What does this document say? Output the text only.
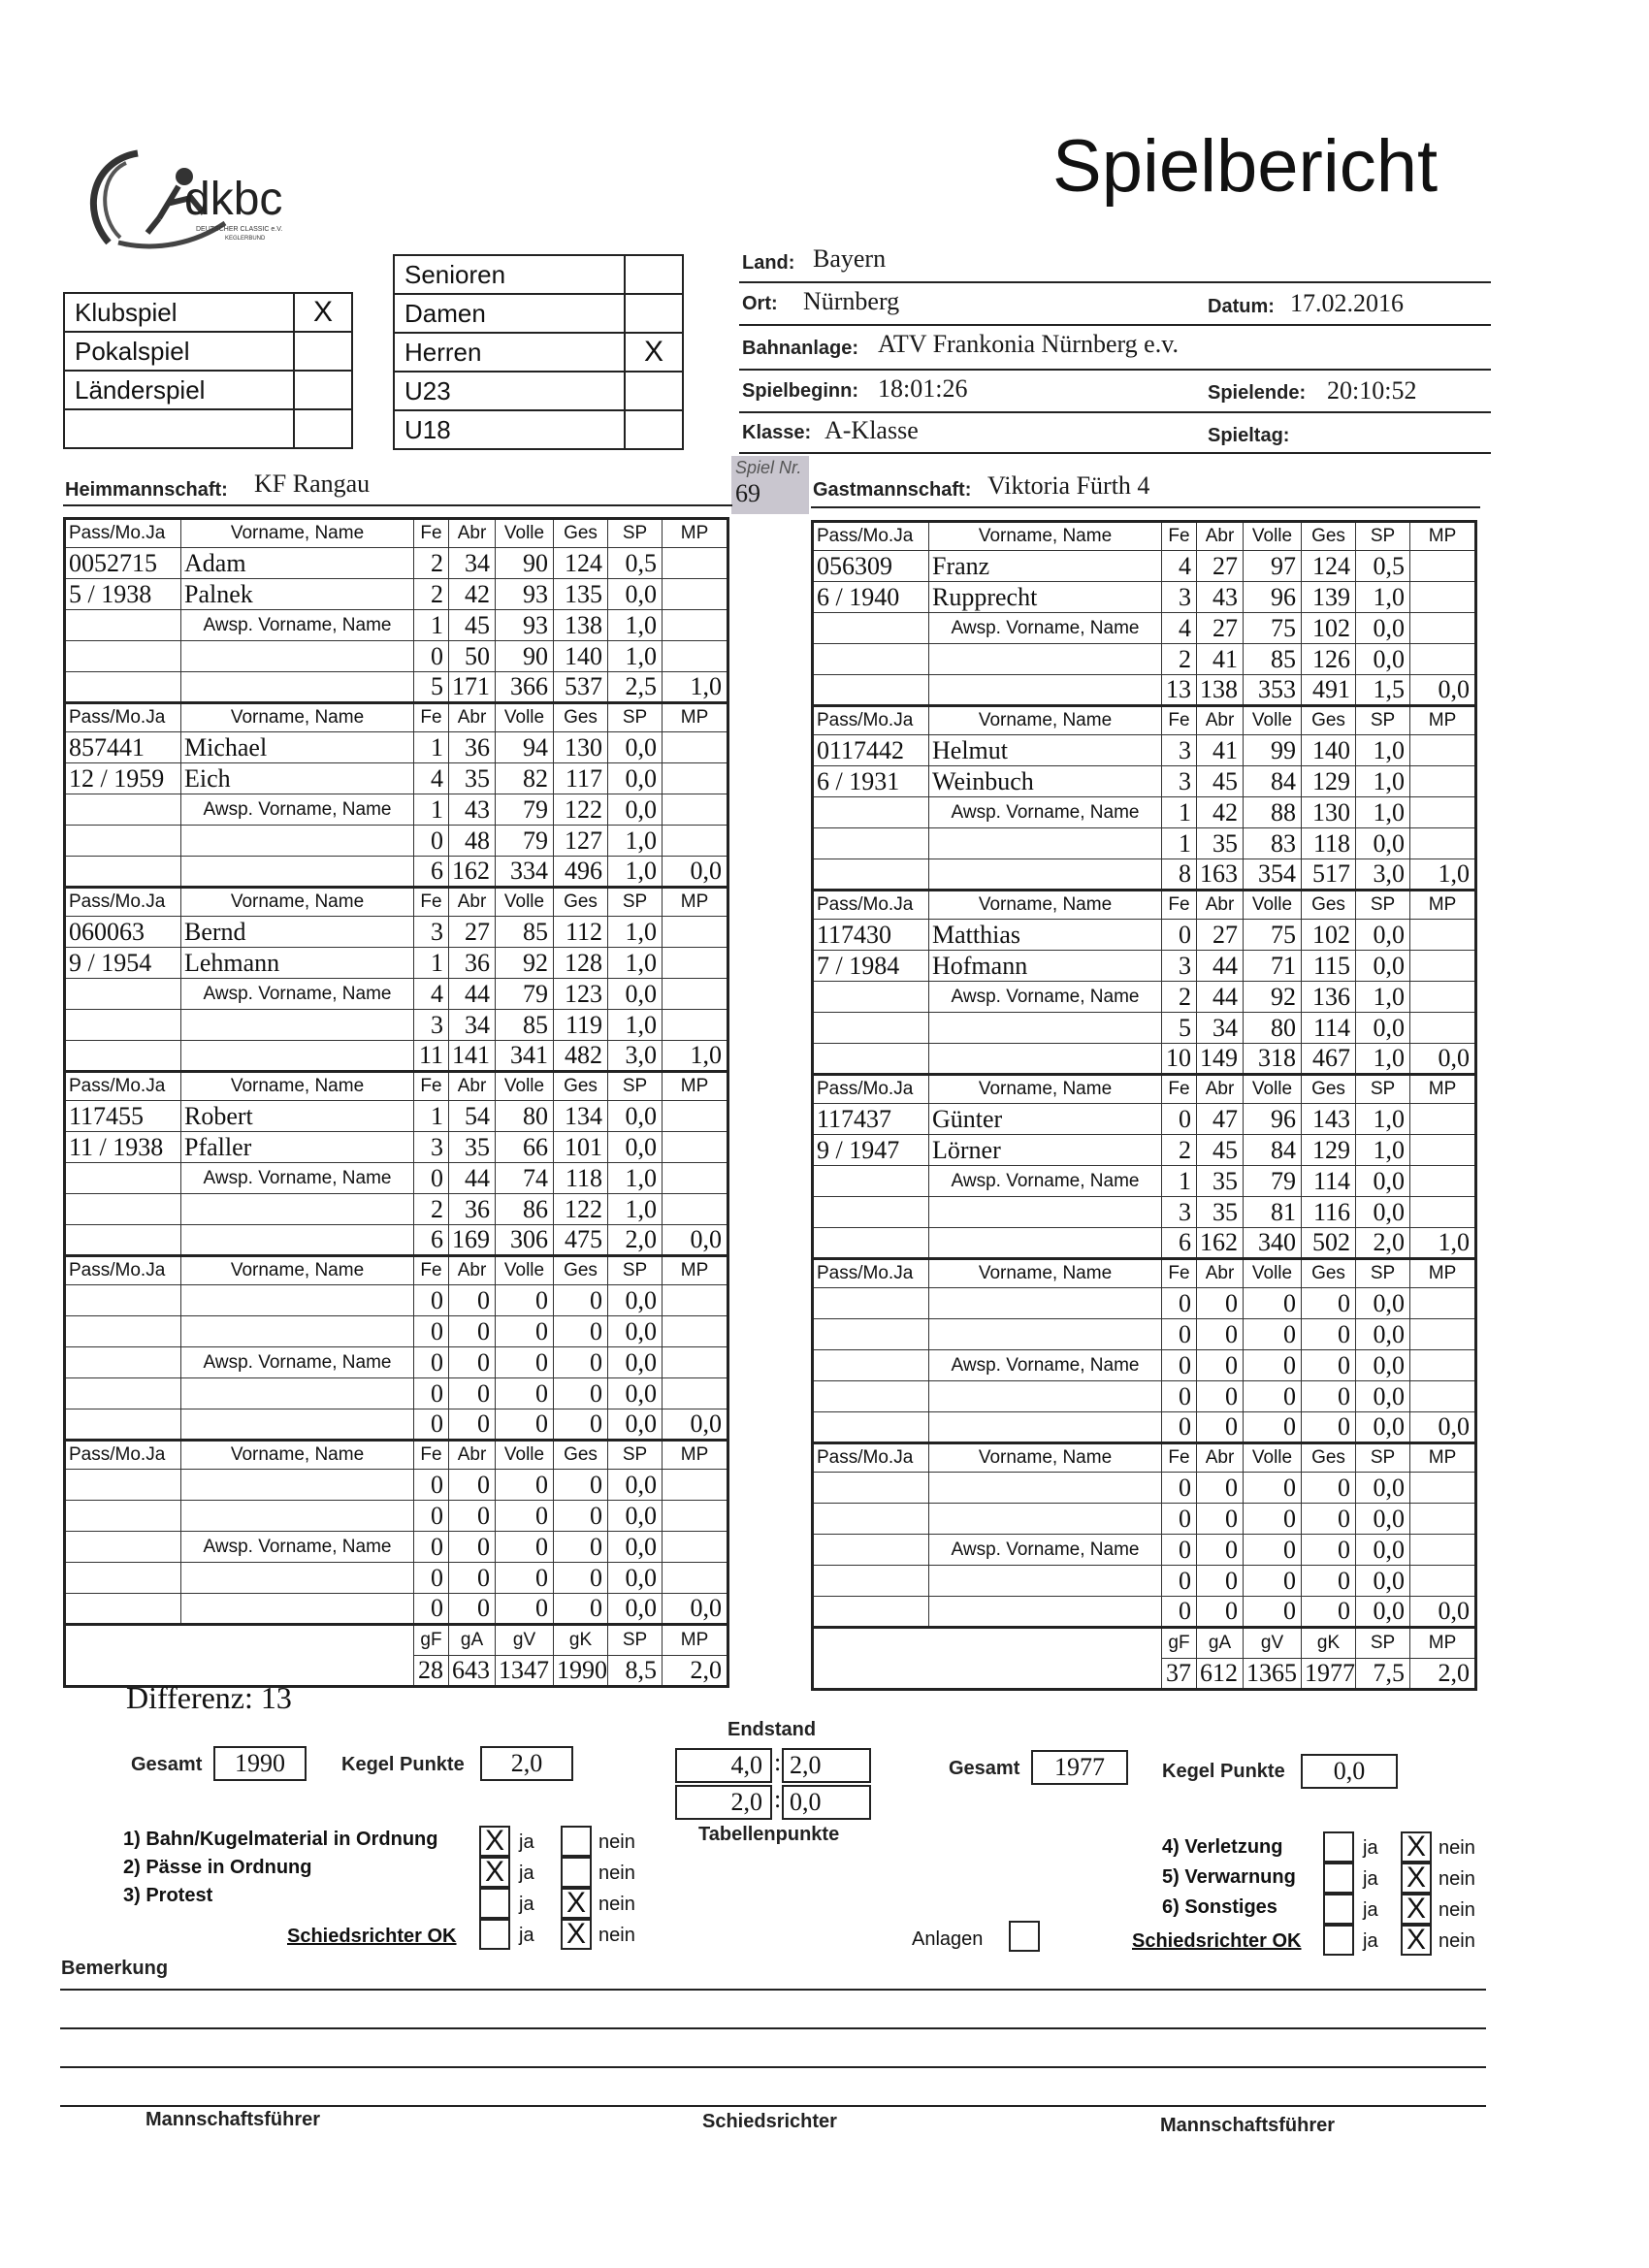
dkbc
DEUTSCHER CLASSIC e.V.
KEGLERBUND
Spielbericht
Klubspiel	X
Pokalspiel	
Länderspiel	

Senioren	
Damen	
Herren	X
U23	
U18	
Land: Bayern
Ort: Nürnberg	Datum: 17.02.2016
Bahnanlage: ATV Frankonia Nürnberg e.v.
Spielbeginn: 18:01:26	Spielende: 20:10:52
Klasse: A-Klasse	Spieltag:
Spiel Nr.
69
Heimmannschaft: KF Rangau	Gastmannschaft: Viktoria Fürth 4
Pass/Mo.Ja	Vorname, Name	Fe	Abr	Volle	Ges	SP	MP
0052715	Adam	2	34	90	124	0,5	
5 / 1938	Palnek	2	42	93	135	0,0	
	Awsp. Vorname, Name	1	45	93	138	1,0	
		0	50	90	140	1,0	
		5	171	366	537	2,5	1,0
Pass/Mo.Ja	Vorname, Name	Fe	Abr	Volle	Ges	SP	MP
857441	Michael	1	36	94	130	0,0	
12 / 1959	Eich	4	35	82	117	0,0	
	Awsp. Vorname, Name	1	43	79	122	0,0	
		0	48	79	127	1,0	
		6	162	334	496	1,0	0,0
Pass/Mo.Ja	Vorname, Name	Fe	Abr	Volle	Ges	SP	MP
060063	Bernd	3	27	85	112	1,0	
9 / 1954	Lehmann	1	36	92	128	1,0	
	Awsp. Vorname, Name	4	44	79	123	0,0	
		3	34	85	119	1,0	
		11	141	341	482	3,0	1,0
Pass/Mo.Ja	Vorname, Name	Fe	Abr	Volle	Ges	SP	MP
117455	Robert	1	54	80	134	0,0	
11 / 1938	Pfaller	3	35	66	101	0,0	
	Awsp. Vorname, Name	0	44	74	118	1,0	
		2	36	86	122	1,0	
		6	169	306	475	2,0	0,0
Pass/Mo.Ja	Vorname, Name	Fe	Abr	Volle	Ges	SP	MP
		0	0	0	0	0,0	
		0	0	0	0	0,0	
	Awsp. Vorname, Name	0	0	0	0	0,0	
		0	0	0	0	0,0	
		0	0	0	0	0,0	0,0
Pass/Mo.Ja	Vorname, Name	Fe	Abr	Volle	Ges	SP	MP
		0	0	0	0	0,0	
		0	0	0	0	0,0	
	Awsp. Vorname, Name	0	0	0	0	0,0	
		0	0	0	0	0,0	
		0	0	0	0	0,0	0,0
		gF	gA	gV	gK	SP	MP
		28	643	1347	1990	8,5	2,0
Pass/Mo.Ja	Vorname, Name	Fe	Abr	Volle	Ges	SP	MP
056309	Franz	4	27	97	124	0,5	
6 / 1940	Rupprecht	3	43	96	139	1,0	
	Awsp. Vorname, Name	4	27	75	102	0,0	
		2	41	85	126	0,0	
		13	138	353	491	1,5	0,0
Pass/Mo.Ja	Vorname, Name	Fe	Abr	Volle	Ges	SP	MP
0117442	Helmut	3	41	99	140	1,0	
6 / 1931	Weinbuch	3	45	84	129	1,0	
	Awsp. Vorname, Name	1	42	88	130	1,0	
		1	35	83	118	0,0	
		8	163	354	517	3,0	1,0
Pass/Mo.Ja	Vorname, Name	Fe	Abr	Volle	Ges	SP	MP
117430	Matthias	0	27	75	102	0,0	
7 / 1984	Hofmann	3	44	71	115	0,0	
	Awsp. Vorname, Name	2	44	92	136	1,0	
		5	34	80	114	0,0	
		10	149	318	467	1,0	0,0
Pass/Mo.Ja	Vorname, Name	Fe	Abr	Volle	Ges	SP	MP
117437	Günter	0	47	96	143	1,0	
9 / 1947	Lörner	2	45	84	129	1,0	
	Awsp. Vorname, Name	1	35	79	114	0,0	
		3	35	81	116	0,0	
		6	162	340	502	2,0	1,0
Pass/Mo.Ja	Vorname, Name	Fe	Abr	Volle	Ges	SP	MP
		0	0	0	0	0,0	
		0	0	0	0	0,0	
	Awsp. Vorname, Name	0	0	0	0	0,0	
		0	0	0	0	0,0	
		0	0	0	0	0,0	0,0
Pass/Mo.Ja	Vorname, Name	Fe	Abr	Volle	Ges	SP	MP
		0	0	0	0	0,0	
		0	0	0	0	0,0	
	Awsp. Vorname, Name	0	0	0	0	0,0	
		0	0	0	0	0,0	
		0	0	0	0	0,0	0,0
		gF	gA	gV	gK	SP	MP
		37	612	1365	1977	7,5	2,0
Differenz: 13
Gesamt	1990	Kegel Punkte	2,0
Endstand
4,0 : 2,0
2,0 : 0,0
Tabellenpunkte
Gesamt	1977	Kegel Punkte	0,0
1) Bahn/Kugelmaterial in Ordnung X ja	nein
2) Pässe in Ordnung	X ja	nein
3) Protest	ja X nein
Schiedsrichter OK	ja X nein	Anlagen
4) Verletzung	ja X nein
5) Verwarnung	ja X nein
6) Sonstiges	ja X nein
Schiedsrichter OK	ja X nein
Bemerkung
Mannschaftsführer	Schiedsrichter	Mannschaftsführer
